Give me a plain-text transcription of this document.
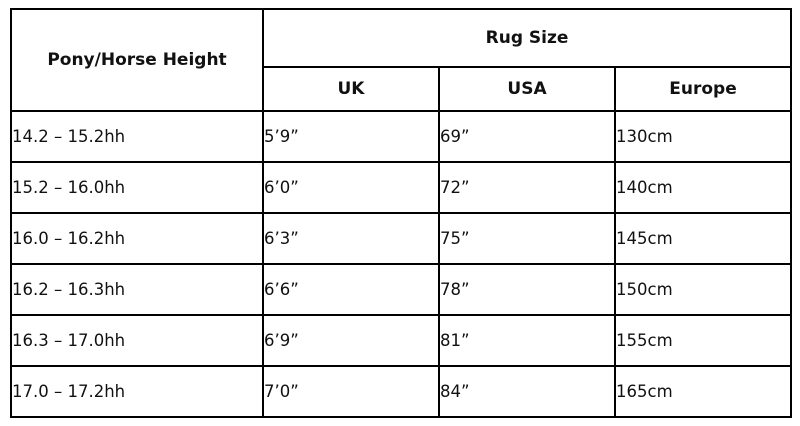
Pony/Horse Height	Rug Size		
	UK	USA	Europe
14.2 – 15.2hh	5’9”	69”	130cm
15.2 – 16.0hh	6’0”	72”	140cm
16.0 – 16.2hh	6’3”	75”	145cm
16.2 – 16.3hh	6’6”	78”	150cm
16.3 – 17.0hh	6’9”	81”	155cm
17.0 – 17.2hh	7’0”	84”	165cm
